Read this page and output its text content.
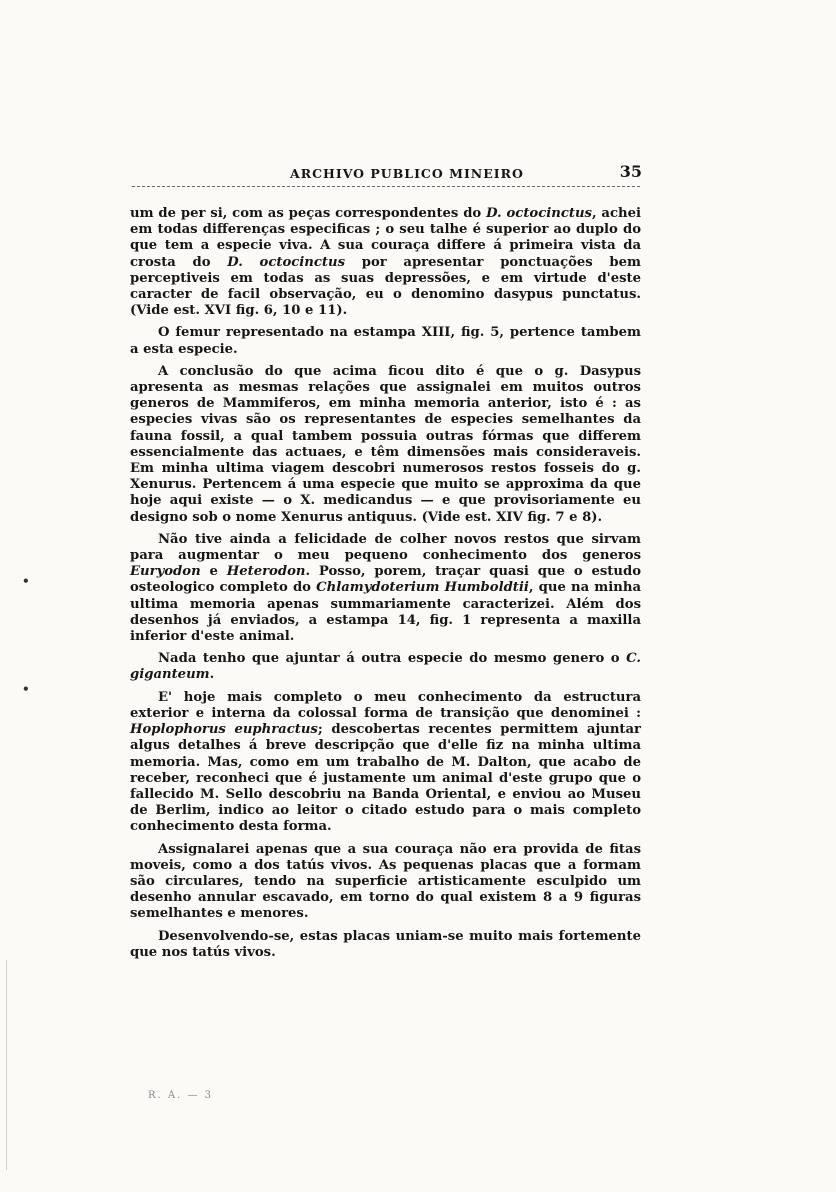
ARCHIVO PUBLICO MINEIRO	35

um de per si, com as peças correspondentes do D. octocinctus, achei em todas differenças especificas ; o seu talhe é superior ao duplo do que tem a especie viva. A sua couraça differe á primeira vista da crosta do D. octocinctus por apresentar ponctuações bem perceptiveis em todas as suas depressões, e em virtude d'este caracter de facil observação, eu o denomino dasypus punctatus. (Vide est. XVI fig. 6, 10 e 11).

O femur representado na estampa XIII, fig. 5, pertence tambem a esta especie.

A conclusão do que acima ficou dito é que o g. Dasypus apresenta as mesmas relações que assignalei em muitos outros generos de Mammiferos, em minha memoria anterior, isto é : as especies vivas são os representantes de especies semelhantes da fauna fossil, a qual tambem possuia outras fórmas que differem essencialmente das actuaes, e têm dimensões mais consideraveis. Em minha ultima viagem descobri numerosos restos fosseis do g. Xenurus. Pertencem á uma especie que muito se approxima da que hoje aqui existe — o X. medicandus — e que provisoriamente eu designo sob o nome Xenurus antiquus. (Vide est. XIV fig. 7 e 8).

Não tive ainda a felicidade de colher novos restos que sirvam para augmentar o meu pequeno conhecimento dos generos Euryodon e Heterodon. Posso, porem, traçar quasi que o estudo osteologico completo do Chlamydoterium Humboldtii, que na minha ultima memoria apenas summariamente caracterizei. Além dos desenhos já enviados, a estampa 14, fig. 1 representa a maxilla inferior d'este animal.

Nada tenho que ajuntar á outra especie do mesmo genero o C. giganteum.

E' hoje mais completo o meu conhecimento da estructura exterior e interna da colossal forma de transição que denominei : Hoplophorus euphractus; descobertas recentes permittem ajuntar algus detalhes á breve descripção que d'elle fiz na minha ultima memoria. Mas, como em um trabalho de M. Dalton, que acabo de receber, reconheci que é justamente um animal d'este grupo que o fallecido M. Sello descobriu na Banda Oriental, e enviou ao Museu de Berlim, indico ao leitor o citado estudo para o mais completo conhecimento desta forma.

Assignalarei apenas que a sua couraça não era provida de fitas moveis, como a dos tatús vivos. As pequenas placas que a formam são circulares, tendo na superficie artisticamente esculpido um desenho annular escavado, em torno do qual existem 8 a 9 figuras semelhantes e menores.

Desenvolvendo-se, estas placas uniam-se muito mais fortemente que nos tatús vivos.

R. A. — 3
•
•
